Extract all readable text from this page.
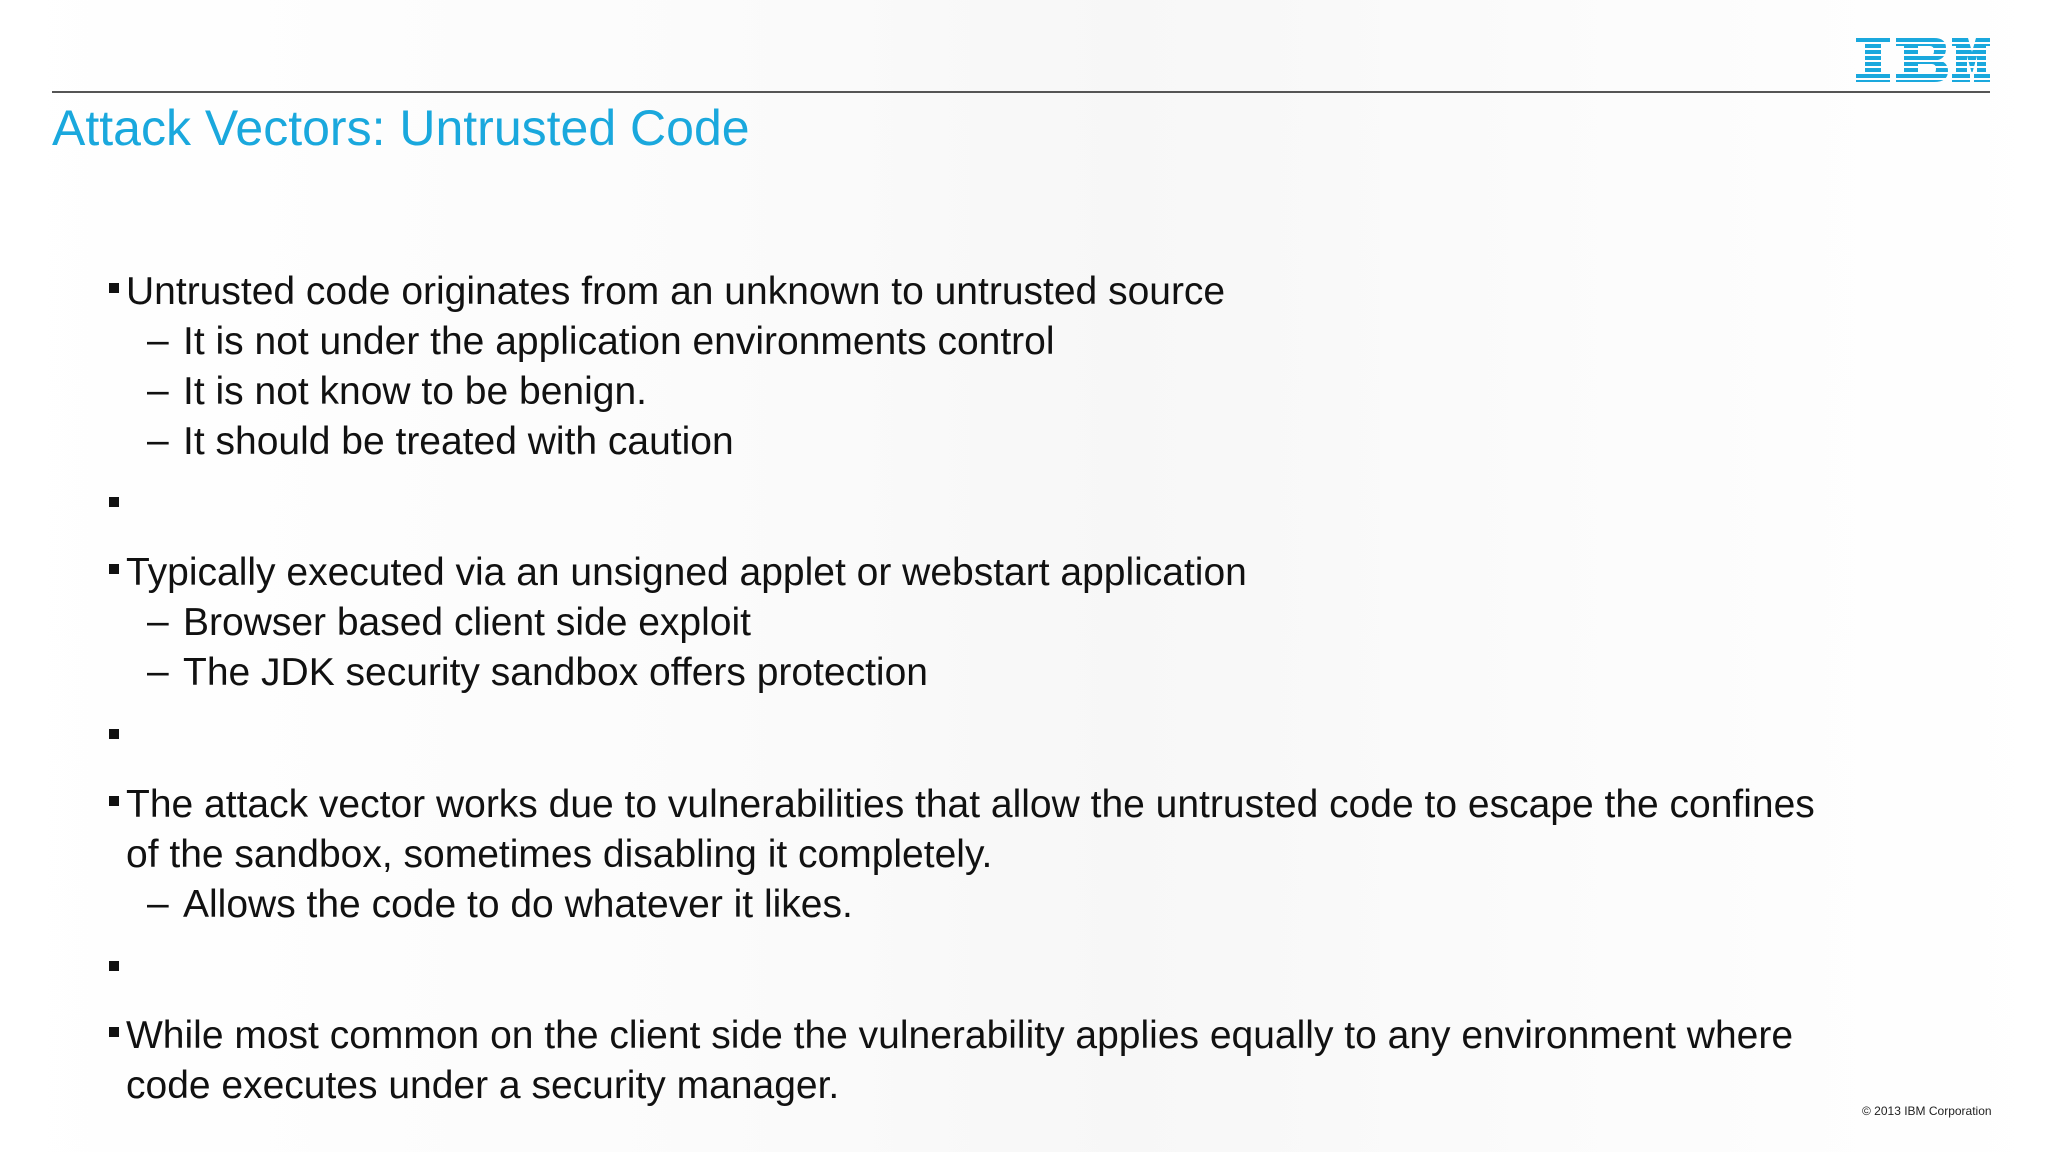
Attack Vectors: Untrusted Code
Untrusted code originates from an unknown to untrusted source
– It is not under the application environments control
– It is not know to be benign.
– It should be treated with caution
Typically executed via an unsigned applet or webstart application
– Browser based client side exploit
– The JDK security sandbox offers protection
The attack vector works due to vulnerabilities that allow the untrusted code to escape the confines
of the sandbox, sometimes disabling it completely.
– Allows the code to do whatever it likes.
While most common on the client side the vulnerability applies equally to any environment where
code executes under a security manager.
© 2013 IBM Corporation
